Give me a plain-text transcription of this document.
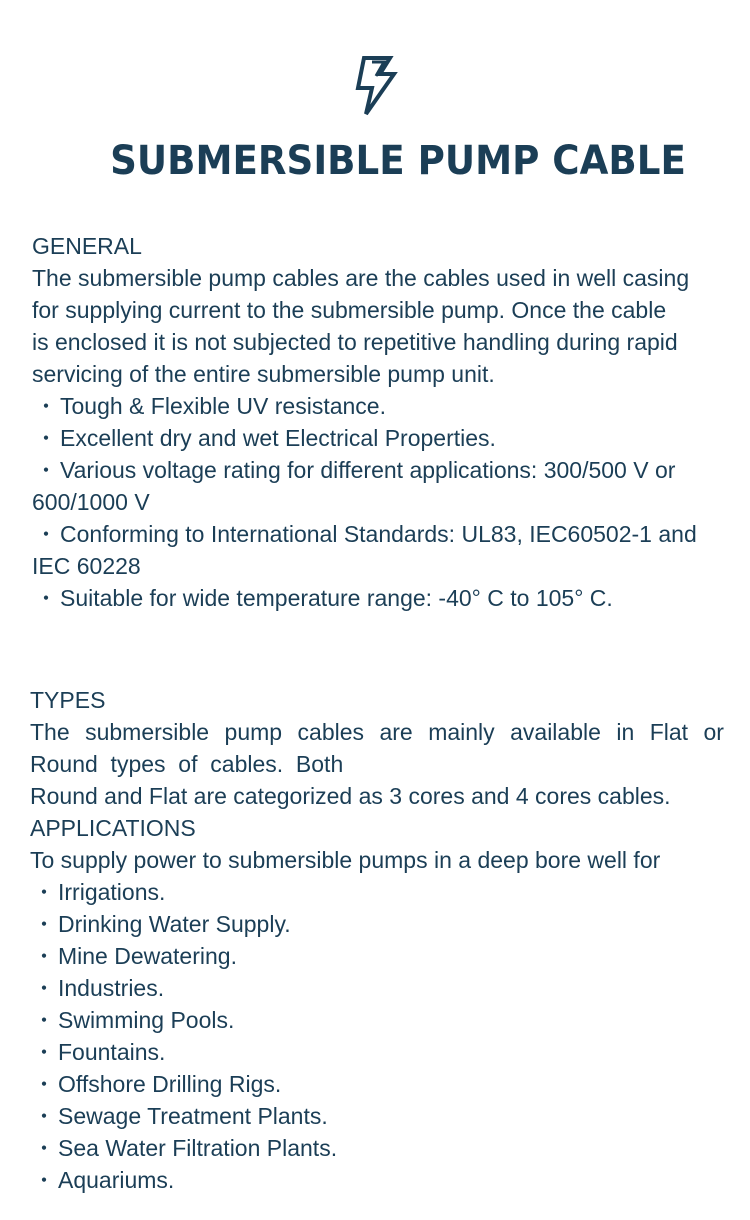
SUBMERSIBLE PUMP CABLE

GENERAL

The submersible pump cables are the cables used in well casing

for supplying current to the submersible pump. Once the cable

is enclosed it is not subjected to repetitive handling during rapid

servicing of the entire submersible pump unit.

・ Tough & Flexible UV resistance.

・ Excellent dry and wet Electrical Properties.

・ Various voltage rating for different applications: 300/500 V or

600/1000 V

・ Conforming to International Standards: UL83, IEC60502-1 and

IEC 60228

・ Suitable for wide temperature range: -40° C to 105° C.

TYPES

The submersible pump cables are mainly available in Flat or

Round  types  of  cables.  Both

Round and Flat are categorized as 3 cores and 4 cores cables.

APPLICATIONS

To supply power to submersible pumps in a deep bore well for

・ Irrigations.

・ Drinking Water Supply.

・ Mine Dewatering.

・ Industries.

・ Swimming Pools.

・ Fountains.

・ Offshore Drilling Rigs.

・ Sewage Treatment Plants.

・ Sea Water Filtration Plants.

・ Aquariums.
